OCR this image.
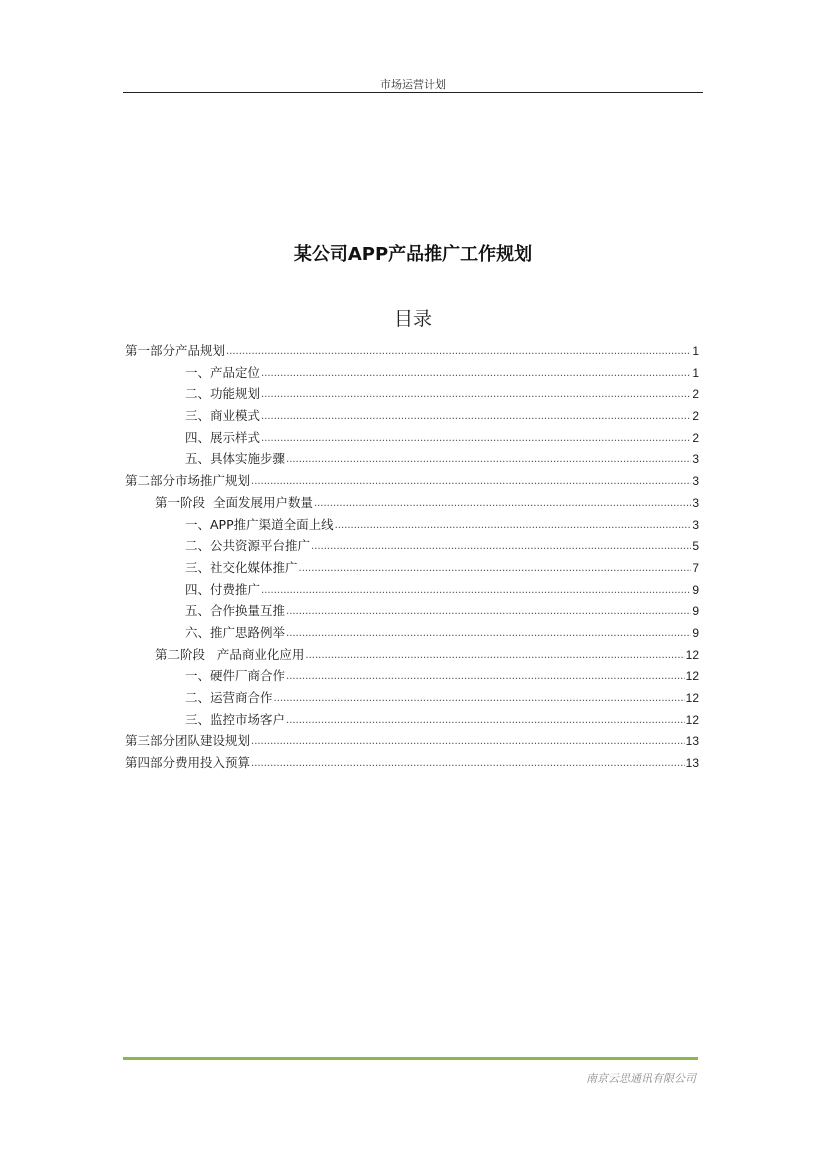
市场运营计划
某公司APP产品推广工作规划
目录
第一部分产品规划 .....	1
一、产品定位 .....	1
二、功能规划 .....	2
三、商业模式 .....	2
四、展示样式 .....	2
五、具体实施步骤 .....	3
第二部分市场推广规划 .....	3
第一阶段  全面发展用户数量 .....	3
一、APP推广渠道全面上线 .....	3
二、公共资源平台推广 .....	5
三、社交化媒体推广 .....	7
四、付费推广 .....	9
五、合作换量互推 .....	9
六、推广思路例举 .....	9
第二阶段   产品商业化应用 .....	12
一、硬件厂商合作 .....	12
二、运营商合作 .....	12
三、监控市场客户 .....	12
第三部分团队建设规划 .....	13
第四部分费用投入预算 .....	13
南京云思通讯有限公司
